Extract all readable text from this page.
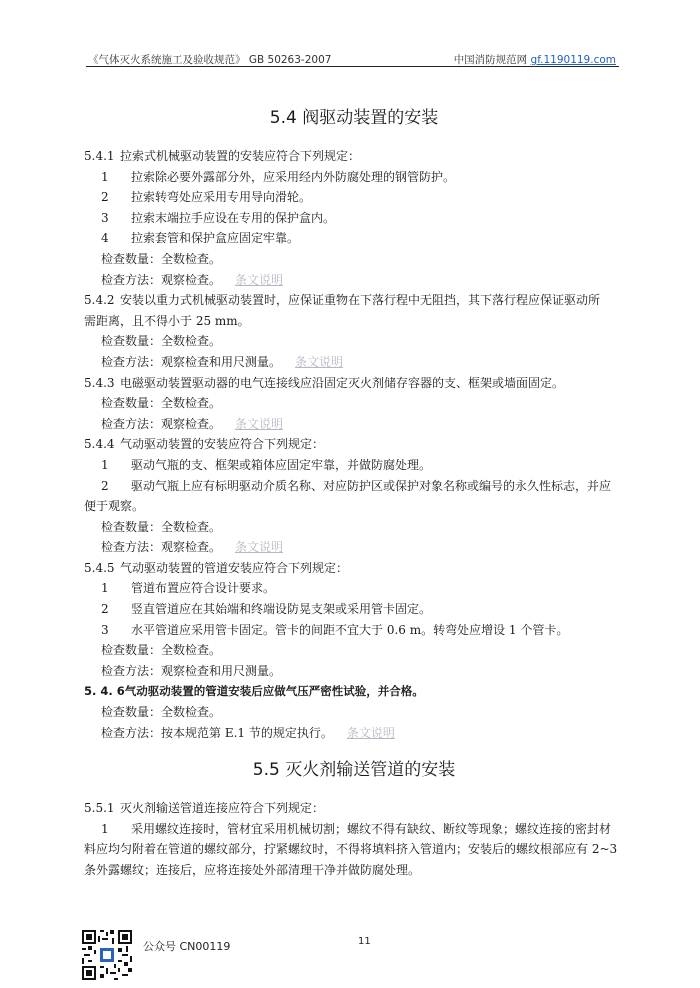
《气体灭火系统施工及验收规范》 GB 50263-2007	中国消防规范网 gf.1190119.com
5.4 阀驱动装置的安装

5.4.1 拉索式机械驱动装置的安装应符合下列规定：

1 拉索除必要外露部分外，应采用经内外防腐处理的钢管防护。

2 拉索转弯处应采用专用导向滑轮。

3 拉索末端拉手应设在专用的保护盒内。

4 拉索套管和保护盒应固定牢靠。

检查数量：全数检查。

检查方法：观察检查。 条文说明

5.4.2 安装以重力式机械驱动装置时，应保证重物在下落行程中无阻挡，其下落行程应保证驱动所

需距离，且不得小于 25 mm。

检查数量：全数检查。

检查方法：观察检查和用尺测量。 条文说明

5.4.3 电磁驱动装置驱动器的电气连接线应沿固定灭火剂储存容器的支、框架或墙面固定。

检查数量：全数检查。

检查方法：观察检查。 条文说明

5.4.4 气动驱动装置的安装应符合下列规定：

1 驱动气瓶的支、框架或箱体应固定牢靠，并做防腐处理。

2 驱动气瓶上应有标明驱动介质名称、对应防护区或保护对象名称或编号的永久性标志，并应

便于观察。

检查数量：全数检查。

检查方法：观察检查。 条文说明

5.4.5 气动驱动装置的管道安装应符合下列规定：

1 管道布置应符合设计要求。

2 竖直管道应在其始端和终端设防晃支架或采用管卡固定。

3 水平管道应采用管卡固定。管卡的间距不宜大于 0.6 m。转弯处应增设 1 个管卡。

检查数量：全数检查。

检查方法：观察检查和用尺测量。

5. 4. 6气动驱动装置的管道安装后应做气压严密性试验，并合格。

检查数量：全数检查。

检查方法：按本规范第 E.1 节的规定执行。 条文说明

5.5 灭火剂输送管道的安装

5.5.1 灭火剂输送管道连接应符合下列规定：

1 采用螺纹连接时，管材宜采用机械切割；螺纹不得有缺纹、断纹等现象；螺纹连接的密封材

料应均匀附着在管道的螺纹部分，拧紧螺纹时，不得将填料挤入管道内；安装后的螺纹根部应有 2~3

条外露螺纹；连接后，应将连接处外部清理干净并做防腐处理。

公众号 CN00119	11
